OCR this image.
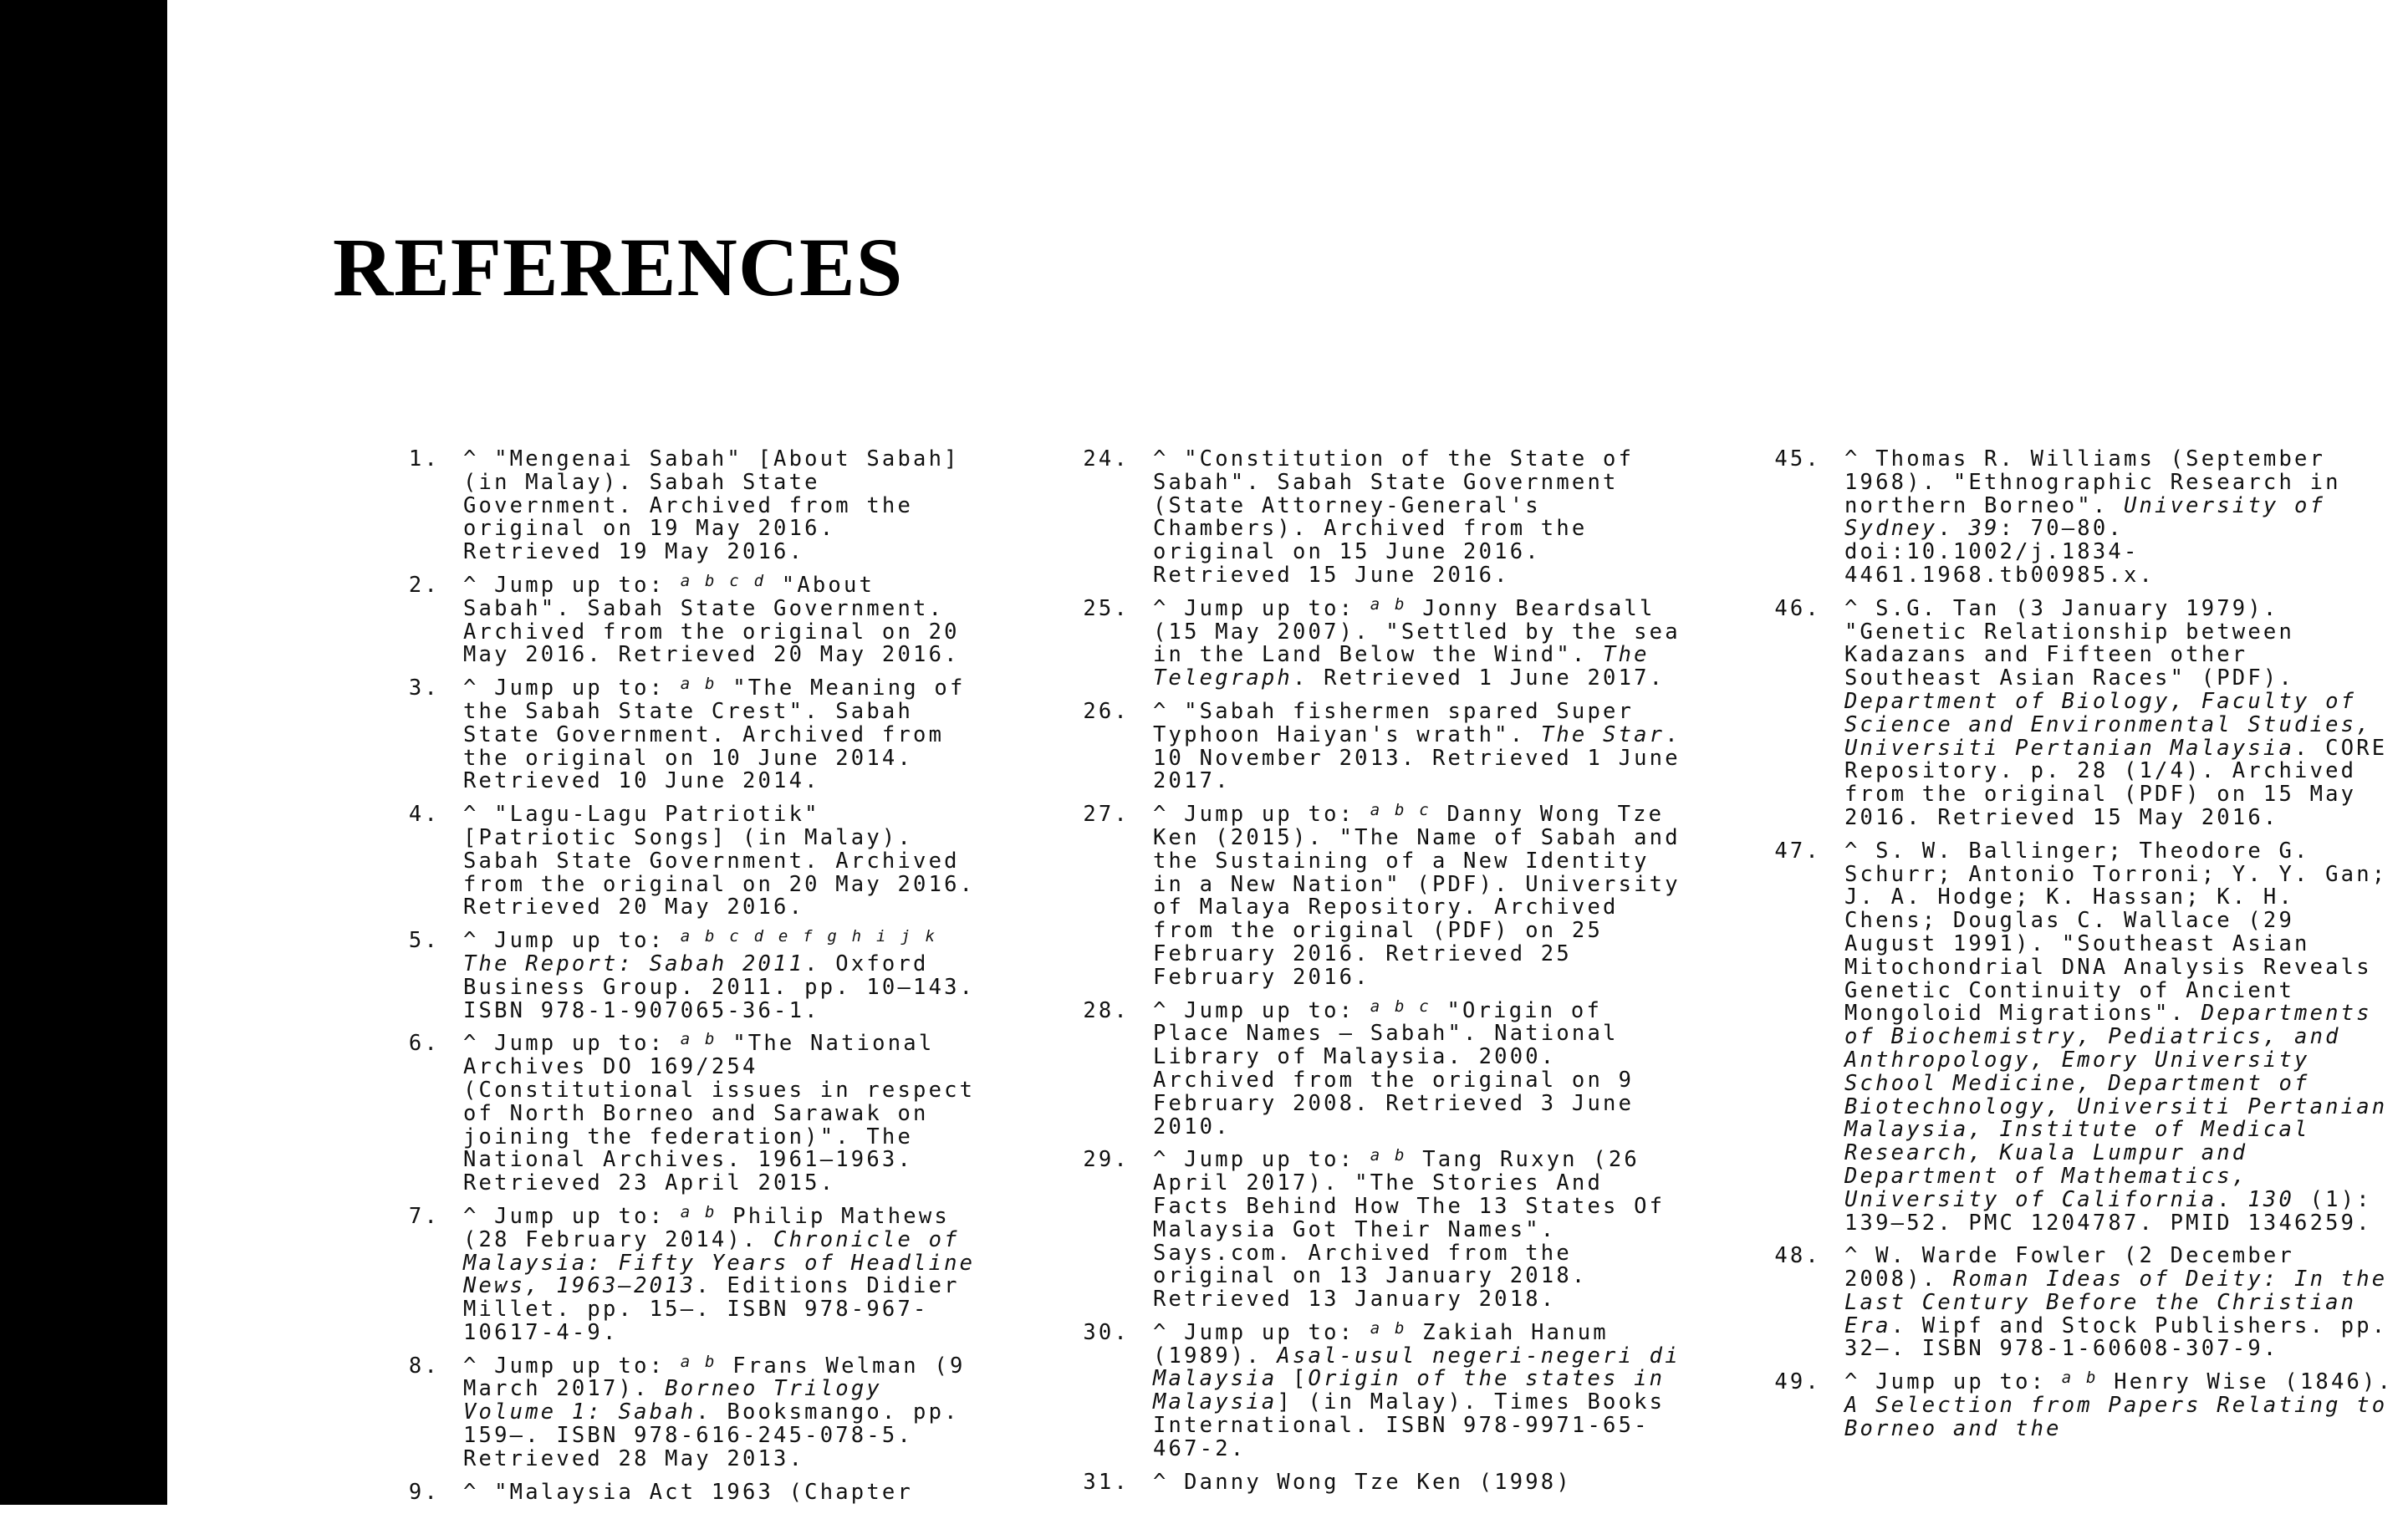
REFERENCES
1. ^ "Mengenai Sabah" [About Sabah] (in Malay). Sabah State Government. Archived from the original on 19 May 2016. Retrieved 19 May 2016.
2. ^ Jump up to: $^{a b c d}$ "About Sabah". Sabah State Government. Archived from the original on 20 May 2016. Retrieved 20 May 2016.
3. ^ Jump up to: $^{a b}$ "The Meaning of the Sabah State Crest". Sabah State Government. Archived from the original on 10 June 2014. Retrieved 10 June 2014.
4. ^ "Lagu-Lagu Patriotik" [Patriotic Songs] (in Malay). Sabah State Government. Archived from the original on 20 May 2016. Retrieved 20 May 2016.
5. ^ Jump up to: $^{a b c d e f g h i j k}$ The Report: Sabah 2011. Oxford Business Group. 2011. pp. 10–143. ISBN 978-1-907065-36-1.
6. ^ Jump up to: $^{a b}$ "The National Archives DO 169/254 (Constitutional issues in respect of North Borneo and Sarawak on joining the federation)". The National Archives. 1961–1963. Retrieved 23 April 2015.
7. ^ Jump up to: $^{a b}$ Philip Mathews (28 February 2014). Chronicle of Malaysia: Fifty Years of Headline News, 1963–2013. Editions Didier Millet. pp. 15–. ISBN 978-967-10617-4-9.
8. ^ Jump up to: $^{a b}$ Frans Welman (9 March 2017). Borneo Trilogy Volume 1: Sabah. Booksmango. pp. 159–. ISBN 978-616-245-078-5. Retrieved 28 May 2013.
9. ^ "Malaysia Act 1963 (Chapter
24. ^ "Constitution of the State of Sabah". Sabah State Government (State Attorney-General's Chambers). Archived from the original on 15 June 2016. Retrieved 15 June 2016.
25. ^ Jump up to: $^{a b}$ Jonny Beardsall (15 May 2007). "Settled by the sea in the Land Below the Wind". The Telegraph. Retrieved 1 June 2017.
26. ^ "Sabah fishermen spared Super Typhoon Haiyan's wrath". The Star. 10 November 2013. Retrieved 1 June 2017.
27. ^ Jump up to: $^{a b c}$ Danny Wong Tze Ken (2015). "The Name of Sabah and the Sustaining of a New Identity in a New Nation" (PDF). University of Malaya Repository. Archived from the original (PDF) on 25 February 2016. Retrieved 25 February 2016.
28. ^ Jump up to: $^{a b c}$ "Origin of Place Names – Sabah". National Library of Malaysia. 2000. Archived from the original on 9 February 2008. Retrieved 3 June 2010.
29. ^ Jump up to: $^{a b}$ Tang Ruxyn (26 April 2017). "The Stories And Facts Behind How The 13 States Of Malaysia Got Their Names". Says.com. Archived from the original on 13 January 2018. Retrieved 13 January 2018.
30. ^ Jump up to: $^{a b}$ Zakiah Hanum (1989). Asal-usul negeri-negeri di Malaysia [Origin of the states in Malaysia] (in Malay). Times Books International. ISBN 978-9971-65-467-2.
31. ^ Danny Wong Tze Ken (1998)
45. ^ Thomas R. Williams (September 1968). "Ethnographic Research in northern Borneo". University of Sydney. 39: 70–80. doi:10.1002/j.1834-4461.1968.tb00985.x.
46. ^ S.G. Tan (3 January 1979). "Genetic Relationship between Kadazans and Fifteen other Southeast Asian Races" (PDF). Department of Biology, Faculty of Science and Environmental Studies, Universiti Pertanian Malaysia. CORE Repository. p. 28 (1/4). Archived from the original (PDF) on 15 May 2016. Retrieved 15 May 2016.
47. ^ S. W. Ballinger; Theodore G. Schurr; Antonio Torroni; Y. Y. Gan; J. A. Hodge; K. Hassan; K. H. Chens; Douglas C. Wallace (29 August 1991). "Southeast Asian Mitochondrial DNA Analysis Reveals Genetic Continuity of Ancient Mongoloid Migrations". Departments of Biochemistry, Pediatrics, and Anthropology, Emory University School Medicine, Department of Biotechnology, Universiti Pertanian Malaysia, Institute of Medical Research, Kuala Lumpur and Department of Mathematics, University of California. 130 (1): 139–52. PMC 1204787. PMID 1346259.
48. ^ W. Warde Fowler (2 December 2008). Roman Ideas of Deity: In the Last Century Before the Christian Era. Wipf and Stock Publishers. pp. 32–. ISBN 978-1-60608-307-9.
49. ^ Jump up to: $^{a b}$ Henry Wise (1846). A Selection from Papers Relating to Borneo and the
